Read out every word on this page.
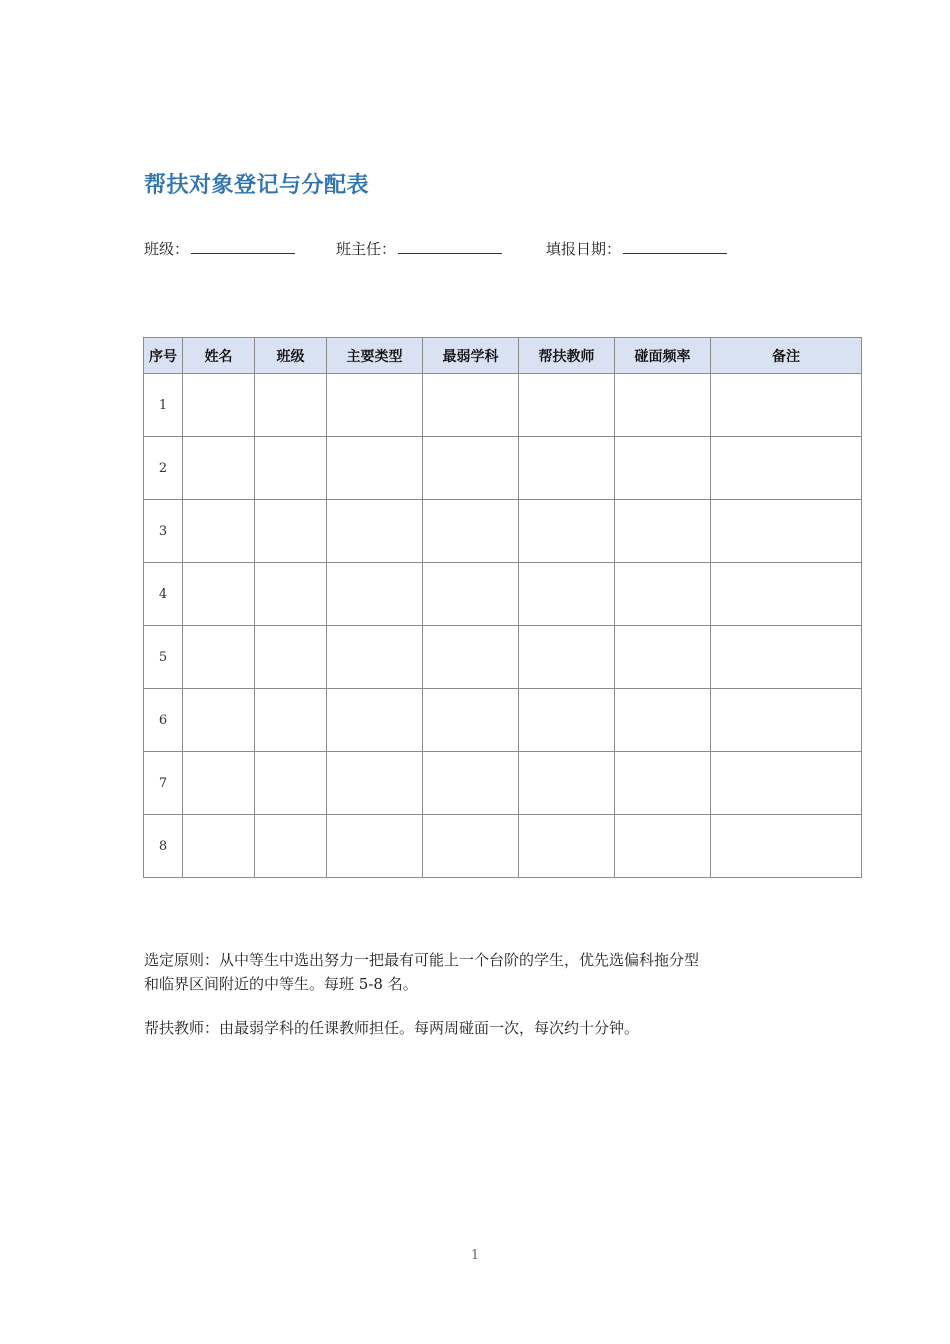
帮扶对象登记与分配表
班级：	班主任：	填报日期：
序号	姓名	班级	主要类型	最弱学科	帮扶教师	碰面频率	备注
1							
2							
3							
4							
5							
6							
7							
8							

选定原则：从中等生中选出努力一把最有可能上一个台阶的学生，优先选偏科拖分型
和临界区间附近的中等生。每班 5-8 名。

帮扶教师：由最弱学科的任课教师担任。每两周碰面一次，每次约十分钟。

1
